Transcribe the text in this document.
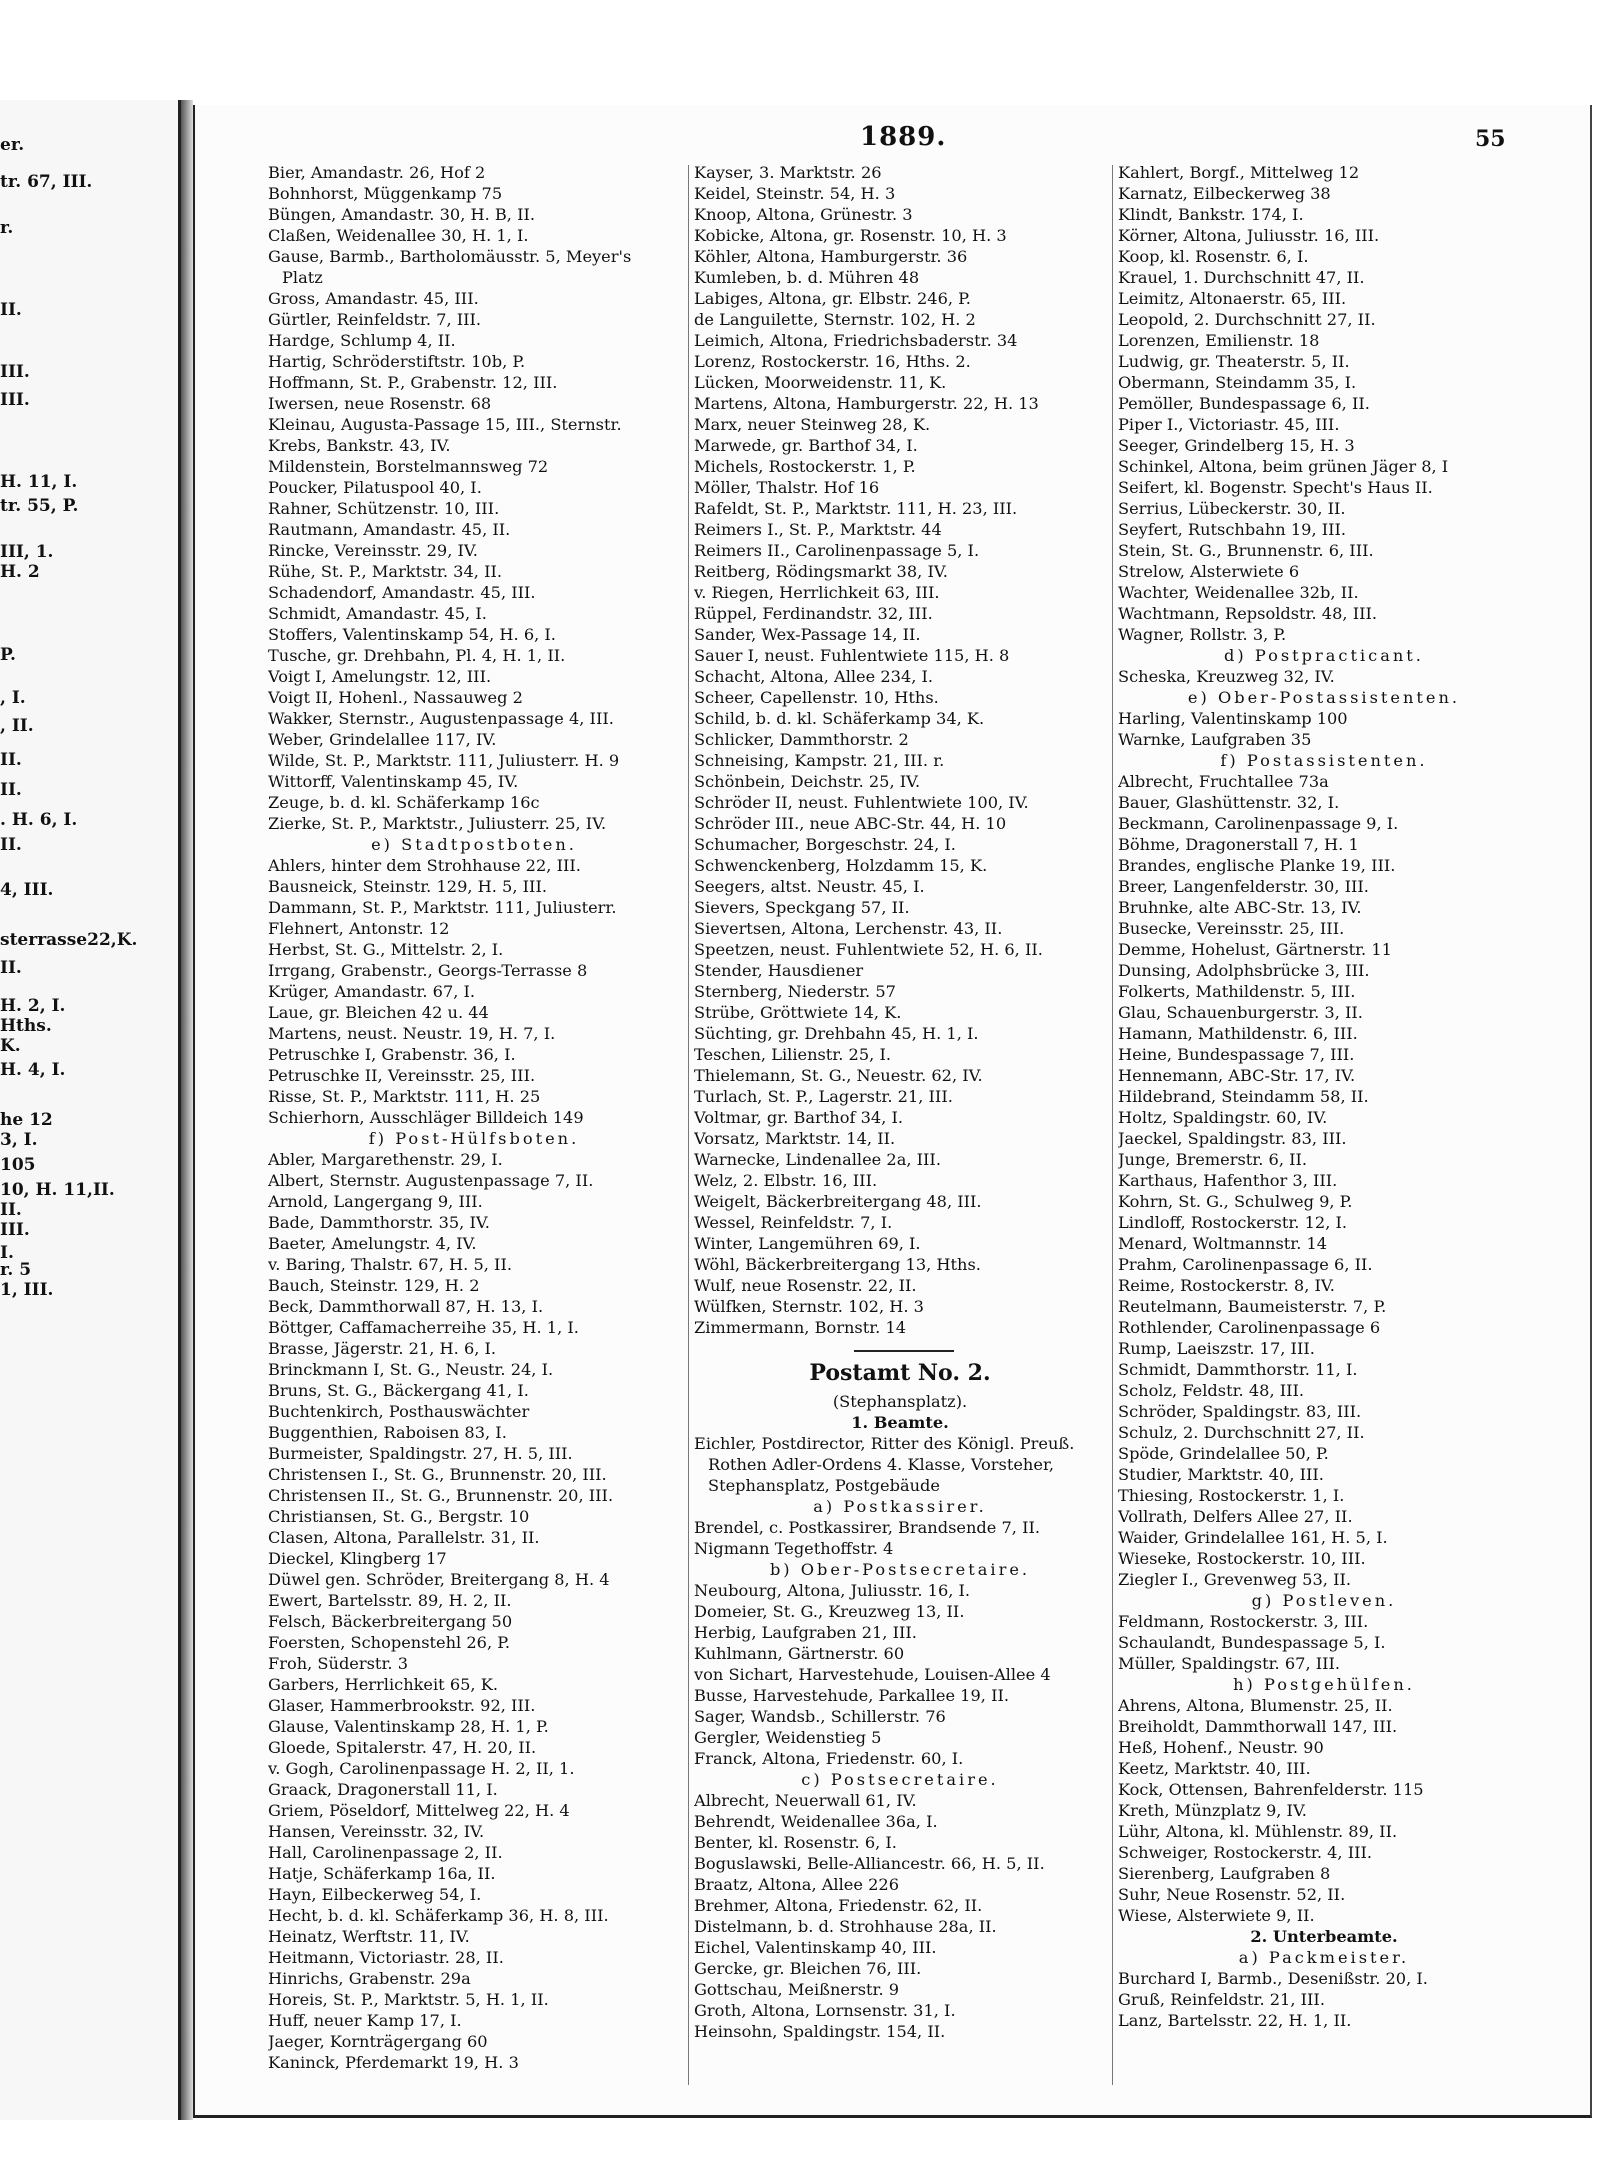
er.
tr. 67, III.
r.
II.
III.
III.
H. 11, I.
tr. 55, P.
III, 1.
H. 2
P.
, I.
, II.
II.
II.
. H. 6, I.
II.
4, III.
sterrasse22,K.
II.
H. 2, I.
Hths.
K.
H. 4, I.
he 12
3, I.
105
10, H. 11,II.
II.
III.
I.
r. 5
1, III.
1889.	55
Bier, Amandastr. 26, Hof 2
Bohnhorst, Müggenkamp 75
Büngen, Amandastr. 30, H. B, II.
Claßen, Weidenallee 30, H. 1, I.
Gause, Barmb., Bartholomäusstr. 5, Meyer's
Platz
Gross, Amandastr. 45, III.
Gürtler, Reinfeldstr. 7, III.
Hardge, Schlump 4, II.
Hartig, Schröderstiftstr. 10b, P.
Hoffmann, St. P., Grabenstr. 12, III.
Iwersen, neue Rosenstr. 68
Kleinau, Augusta-Passage 15, III., Sternstr.
Krebs, Bankstr. 43, IV.
Mildenstein, Borstelmannsweg 72
Poucker, Pilatuspool 40, I.
Rahner, Schützenstr. 10, III.
Rautmann, Amandastr. 45, II.
Rincke, Vereinsstr. 29, IV.
Rühe, St. P., Marktstr. 34, II.
Schadendorf, Amandastr. 45, III.
Schmidt, Amandastr. 45, I.
Stoffers, Valentinskamp 54, H. 6, I.
Tusche, gr. Drehbahn, Pl. 4, H. 1, II.
Voigt I, Amelungstr. 12, III.
Voigt II, Hohenl., Nassauweg 2
Wakker, Sternstr., Augustenpassage 4, III.
Weber, Grindelallee 117, IV.
Wilde, St. P., Marktstr. 111, Juliusterr. H. 9
Wittorff, Valentinskamp 45, IV.
Zeuge, b. d. kl. Schäferkamp 16c
Zierke, St. P., Marktstr., Juliusterr. 25, IV.
e) Stadtpostboten.
Ahlers, hinter dem Strohhause 22, III.
Bausneick, Steinstr. 129, H. 5, III.
Dammann, St. P., Marktstr. 111, Juliusterr.
Flehnert, Antonstr. 12
Herbst, St. G., Mittelstr. 2, I.
Irrgang, Grabenstr., Georgs-Terrasse 8
Krüger, Amandastr. 67, I.
Laue, gr. Bleichen 42 u. 44
Martens, neust. Neustr. 19, H. 7, I.
Petruschke I, Grabenstr. 36, I.
Petruschke II, Vereinsstr. 25, III.
Risse, St. P., Marktstr. 111, H. 25
Schierhorn, Ausschläger Billdeich 149
f) Post-Hülfsboten.
Abler, Margarethenstr. 29, I.
Albert, Sternstr. Augustenpassage 7, II.
Arnold, Langergang 9, III.
Bade, Dammthorstr. 35, IV.
Baeter, Amelungstr. 4, IV.
v. Baring, Thalstr. 67, H. 5, II.
Bauch, Steinstr. 129, H. 2
Beck, Dammthorwall 87, H. 13, I.
Böttger, Caffamacherreihe 35, H. 1, I.
Brasse, Jägerstr. 21, H. 6, I.
Brinckmann I, St. G., Neustr. 24, I.
Bruns, St. G., Bäckergang 41, I.
Buchtenkirch, Posthauswächter
Buggenthien, Raboisen 83, I.
Burmeister, Spaldingstr. 27, H. 5, III.
Christensen I., St. G., Brunnenstr. 20, III.
Christensen II., St. G., Brunnenstr. 20, III.
Christiansen, St. G., Bergstr. 10
Clasen, Altona, Parallelstr. 31, II.
Dieckel, Klingberg 17
Düwel gen. Schröder, Breitergang 8, H. 4
Ewert, Bartelsstr. 89, H. 2, II.
Felsch, Bäckerbreitergang 50
Foersten, Schopenstehl 26, P.
Froh, Süderstr. 3
Garbers, Herrlichkeit 65, K.
Glaser, Hammerbrookstr. 92, III.
Glause, Valentinskamp 28, H. 1, P.
Gloede, Spitalerstr. 47, H. 20, II.
v. Gogh, Carolinenpassage H. 2, II, 1.
Graack, Dragonerstall 11, I.
Griem, Pöseldorf, Mittelweg 22, H. 4
Hansen, Vereinsstr. 32, IV.
Hall, Carolinenpassage 2, II.
Hatje, Schäferkamp 16a, II.
Hayn, Eilbeckerweg 54, I.
Hecht, b. d. kl. Schäferkamp 36, H. 8, III.
Heinatz, Werftstr. 11, IV.
Heitmann, Victoriastr. 28, II.
Hinrichs, Grabenstr. 29a
Horeis, St. P., Marktstr. 5, H. 1, II.
Huff, neuer Kamp 17, I.
Jaeger, Kornträgergang 60
Kaninck, Pferdemarkt 19, H. 3
Kayser, 3. Marktstr. 26
Keidel, Steinstr. 54, H. 3
Knoop, Altona, Grünestr. 3
Kobicke, Altona, gr. Rosenstr. 10, H. 3
Köhler, Altona, Hamburgerstr. 36
Kumleben, b. d. Mühren 48
Labiges, Altona, gr. Elbstr. 246, P.
de Languilette, Sternstr. 102, H. 2
Leimich, Altona, Friedrichsbaderstr. 34
Lorenz, Rostockerstr. 16, Hths. 2.
Lücken, Moorweidenstr. 11, K.
Martens, Altona, Hamburgerstr. 22, H. 13
Marx, neuer Steinweg 28, K.
Marwede, gr. Barthof 34, I.
Michels, Rostockerstr. 1, P.
Möller, Thalstr. Hof 16
Rafeldt, St. P., Marktstr. 111, H. 23, III.
Reimers I., St. P., Marktstr. 44
Reimers II., Carolinenpassage 5, I.
Reitberg, Rödingsmarkt 38, IV.
v. Riegen, Herrlichkeit 63, III.
Rüppel, Ferdinandstr. 32, III.
Sander, Wex-Passage 14, II.
Sauer I, neust. Fuhlentwiete 115, H. 8
Schacht, Altona, Allee 234, I.
Scheer, Capellenstr. 10, Hths.
Schild, b. d. kl. Schäferkamp 34, K.
Schlicker, Dammthorstr. 2
Schneising, Kampstr. 21, III. r.
Schönbein, Deichstr. 25, IV.
Schröder II, neust. Fuhlentwiete 100, IV.
Schröder III., neue ABC-Str. 44, H. 10
Schumacher, Borgeschstr. 24, I.
Schwenckenberg, Holzdamm 15, K.
Seegers, altst. Neustr. 45, I.
Sievers, Speckgang 57, II.
Sievertsen, Altona, Lerchenstr. 43, II.
Speetzen, neust. Fuhlentwiete 52, H. 6, II.
Stender, Hausdiener
Sternberg, Niederstr. 57
Strübe, Gröttwiete 14, K.
Süchting, gr. Drehbahn 45, H. 1, I.
Teschen, Lilienstr. 25, I.
Thielemann, St. G., Neuestr. 62, IV.
Turlach, St. P., Lagerstr. 21, III.
Voltmar, gr. Barthof 34, I.
Vorsatz, Marktstr. 14, II.
Warnecke, Lindenallee 2a, III.
Welz, 2. Elbstr. 16, III.
Weigelt, Bäckerbreitergang 48, III.
Wessel, Reinfeldstr. 7, I.
Winter, Langemühren 69, I.
Wöhl, Bäckerbreitergang 13, Hths.
Wulf, neue Rosenstr. 22, II.
Wülfken, Sternstr. 102, H. 3
Zimmermann, Bornstr. 14
Postamt No. 2.
(Stephansplatz).
1. Beamte.
Eichler, Postdirector, Ritter des Königl. Preuß.
Rothen Adler-Ordens 4. Klasse, Vorsteher,
Stephansplatz, Postgebäude
a) Postkassirer.
Brendel, c. Postkassirer, Brandsende 7, II.
Nigmann Tegethoffstr. 4
b) Ober-Postsecretaire.
Neubourg, Altona, Juliusstr. 16, I.
Domeier, St. G., Kreuzweg 13, II.
Herbig, Laufgraben 21, III.
Kuhlmann, Gärtnerstr. 60
von Sichart, Harvestehude, Louisen-Allee 4
Busse, Harvestehude, Parkallee 19, II.
Sager, Wandsb., Schillerstr. 76
Gergler, Weidenstieg 5
Franck, Altona, Friedenstr. 60, I.
c) Postsecretaire.
Albrecht, Neuerwall 61, IV.
Behrendt, Weidenallee 36a, I.
Benter, kl. Rosenstr. 6, I.
Boguslawski, Belle-Alliancestr. 66, H. 5, II.
Braatz, Altona, Allee 226
Brehmer, Altona, Friedenstr. 62, II.
Distelmann, b. d. Strohhause 28a, II.
Eichel, Valentinskamp 40, III.
Gercke, gr. Bleichen 76, III.
Gottschau, Meißnerstr. 9
Groth, Altona, Lornsenstr. 31, I.
Heinsohn, Spaldingstr. 154, II.
Kahlert, Borgf., Mittelweg 12
Karnatz, Eilbeckerweg 38
Klindt, Bankstr. 174, I.
Körner, Altona, Juliusstr. 16, III.
Koop, kl. Rosenstr. 6, I.
Krauel, 1. Durchschnitt 47, II.
Leimitz, Altonaerstr. 65, III.
Leopold, 2. Durchschnitt 27, II.
Lorenzen, Emilienstr. 18
Ludwig, gr. Theaterstr. 5, II.
Obermann, Steindamm 35, I.
Pemöller, Bundespassage 6, II.
Piper I., Victoriastr. 45, III.
Seeger, Grindelberg 15, H. 3
Schinkel, Altona, beim grünen Jäger 8, I
Seifert, kl. Bogenstr. Specht's Haus II.
Serrius, Lübeckerstr. 30, II.
Seyfert, Rutschbahn 19, III.
Stein, St. G., Brunnenstr. 6, III.
Strelow, Alsterwiete 6
Wachter, Weidenallee 32b, II.
Wachtmann, Repsoldstr. 48, III.
Wagner, Rollstr. 3, P.
d) Postpracticant.
Scheska, Kreuzweg 32, IV.
e) Ober-Postassistenten.
Harling, Valentinskamp 100
Warnke, Laufgraben 35
f) Postassistenten.
Albrecht, Fruchtallee 73a
Bauer, Glashüttenstr. 32, I.
Beckmann, Carolinenpassage 9, I.
Böhme, Dragonerstall 7, H. 1
Brandes, englische Planke 19, III.
Breer, Langenfelderstr. 30, III.
Bruhnke, alte ABC-Str. 13, IV.
Busecke, Vereinsstr. 25, III.
Demme, Hohelust, Gärtnerstr. 11
Dunsing, Adolphsbrücke 3, III.
Folkerts, Mathildenstr. 5, III.
Glau, Schauenburgerstr. 3, II.
Hamann, Mathildenstr. 6, III.
Heine, Bundespassage 7, III.
Hennemann, ABC-Str. 17, IV.
Hildebrand, Steindamm 58, II.
Holtz, Spaldingstr. 60, IV.
Jaeckel, Spaldingstr. 83, III.
Junge, Bremerstr. 6, II.
Karthaus, Hafenthor 3, III.
Kohrn, St. G., Schulweg 9, P.
Lindloff, Rostockerstr. 12, I.
Menard, Woltmannstr. 14
Prahm, Carolinenpassage 6, II.
Reime, Rostockerstr. 8, IV.
Reutelmann, Baumeisterstr. 7, P.
Rothlender, Carolinenpassage 6
Rump, Laeiszstr. 17, III.
Schmidt, Dammthorstr. 11, I.
Scholz, Feldstr. 48, III.
Schröder, Spaldingstr. 83, III.
Schulz, 2. Durchschnitt 27, II.
Spöde, Grindelallee 50, P.
Studier, Marktstr. 40, III.
Thiesing, Rostockerstr. 1, I.
Vollrath, Delfers Allee 27, II.
Waider, Grindelallee 161, H. 5, I.
Wieseke, Rostockerstr. 10, III.
Ziegler I., Grevenweg 53, II.
g) Postleven.
Feldmann, Rostockerstr. 3, III.
Schaulandt, Bundespassage 5, I.
Müller, Spaldingstr. 67, III.
h) Postgehülfen.
Ahrens, Altona, Blumenstr. 25, II.
Breiholdt, Dammthorwall 147, III.
Heß, Hohenf., Neustr. 90
Keetz, Marktstr. 40, III.
Kock, Ottensen, Bahrenfelderstr. 115
Kreth, Münzplatz 9, IV.
Lühr, Altona, kl. Mühlenstr. 89, II.
Schweiger, Rostockerstr. 4, III.
Sierenberg, Laufgraben 8
Suhr, Neue Rosenstr. 52, II.
Wiese, Alsterwiete 9, II.
2. Unterbeamte.
a) Packmeister.
Burchard I, Barmb., Desenißstr. 20, I.
Gruß, Reinfeldstr. 21, III.
Lanz, Bartelsstr. 22, H. 1, II.
